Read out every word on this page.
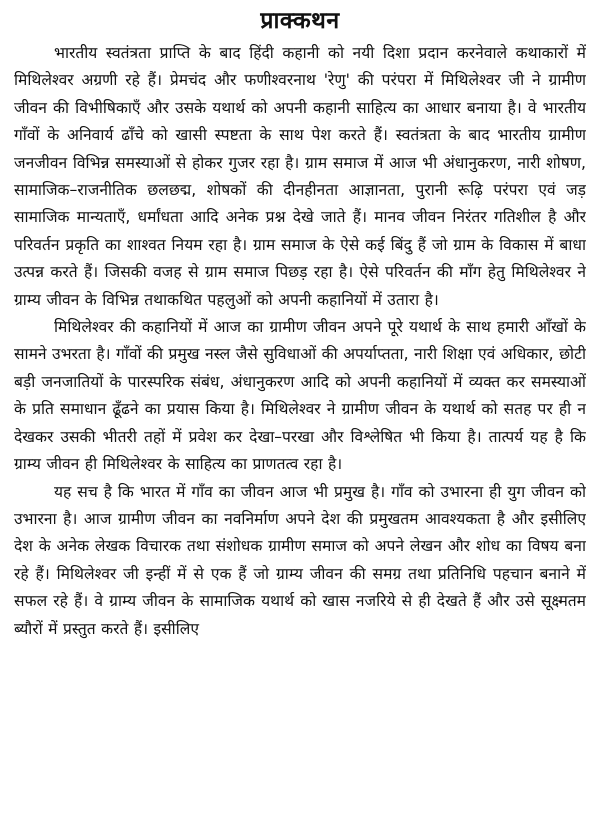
प्राक्कथन

भारतीय स्वतंत्रता प्राप्ति के बाद हिंदी कहानी को नयी दिशा प्रदान करनेवाले कथाकारों में मिथिलेश्वर अग्रणी रहे हैं। प्रेमचंद और फणीश्वरनाथ 'रेणु' की परंपरा में मिथिलेश्वर जी ने ग्रामीण जीवन की विभीषिकाएँ और उसके यथार्थ को अपनी कहानी साहित्य का आधार बनाया है। वे भारतीय गाँवों के अनिवार्य ढाँचे को खासी स्पष्टता के साथ पेश करते हैं। स्वतंत्रता के बाद भारतीय ग्रामीण जनजीवन विभिन्न समस्याओं से होकर गुजर रहा है। ग्राम समाज में आज भी अंधानुकरण, नारी शोषण, सामाजिक–राजनीतिक छलछद्म, शोषकों की दीनहीनता आज्ञानता, पुरानी रूढ़ि परंपरा एवं जड़ सामाजिक मान्यताएँ, धर्मांधता आदि अनेक प्रश्न देखे जाते हैं। मानव जीवन निरंतर गतिशील है और परिवर्तन प्रकृति का शाश्वत नियम रहा है। ग्राम समाज के ऐसे कई बिंदु हैं जो ग्राम के विकास में बाधा उत्पन्न करते हैं। जिसकी वजह से ग्राम समाज पिछड़ रहा है। ऐसे परिवर्तन की माँग हेतु मिथिलेश्वर ने ग्राम्य जीवन के विभिन्न तथाकथित पहलुओं को अपनी कहानियों में उतारा है।

मिथिलेश्वर की कहानियों में आज का ग्रामीण जीवन अपने पूरे यथार्थ के साथ हमारी आँखों के सामने उभरता है। गाँवों की प्रमुख नस्ल जैसे सुविधाओं की अपर्याप्तता, नारी शिक्षा एवं अधिकार, छोटी बड़ी जनजातियों के पारस्परिक संबंध, अंधानुकरण आदि को अपनी कहानियों में व्यक्त कर समस्याओं के प्रति समाधान ढूँढने का प्रयास किया है। मिथिलेश्वर ने ग्रामीण जीवन के यथार्थ को सतह पर ही न देखकर उसकी भीतरी तहों में प्रवेश कर देखा–परखा और विश्लेषित भी किया है। तात्पर्य यह है कि ग्राम्य जीवन ही मिथिलेश्वर के साहित्य का प्राणतत्व रहा है।

यह सच है कि भारत में गाँव का जीवन आज भी प्रमुख है। गाँव को उभारना ही युग जीवन को उभारना है। आज ग्रामीण जीवन का नवनिर्माण अपने देश की प्रमुखतम आवश्यकता है और इसीलिए देश के अनेक लेखक विचारक तथा संशोधक ग्रामीण समाज को अपने लेखन और शोध का विषय बना रहे हैं। मिथिलेश्वर जी इन्हीं में से एक हैं जो ग्राम्य जीवन की समग्र तथा प्रतिनिधि पहचान बनाने में सफल रहे हैं। वे ग्राम्य जीवन के सामाजिक यथार्थ को खास नजरिये से ही देखते हैं और उसे सूक्ष्मतम ब्यौरों में प्रस्तुत करते हैं। इसीलिए
